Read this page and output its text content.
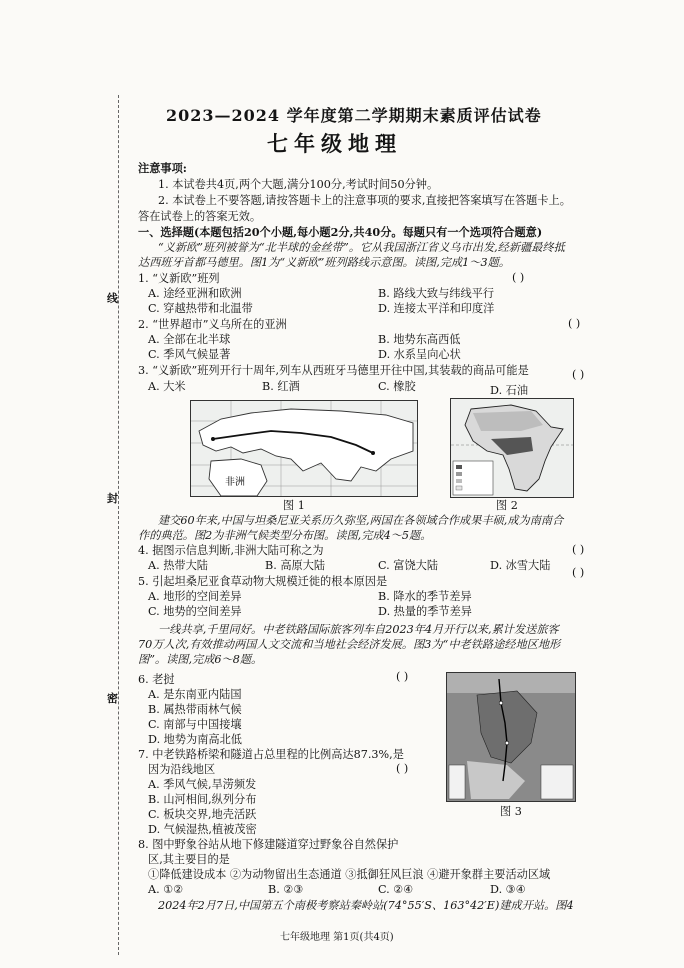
线
封
密
2023—2024 学年度第二学期期末素质评估试卷
七年级地理
注意事项:
1. 本试卷共4页,两个大题,满分100分,考试时间50分钟。
2. 本试卷上不要答题,请按答题卡上的注意事项的要求,直接把答案填写在答题卡上。
答在试卷上的答案无效。
一、选择题(本题包括20个小题,每小题2分,共40分。每题只有一个选项符合题意)
“义新欧”班列被誉为“北半球的金丝带”。它从我国浙江省义乌市出发,经新疆最终抵
达西班牙首都马德里。图1为“义新欧”班列路线示意图。读图,完成1～3题。
1. “义新欧”班列	( )
A. 途经亚洲和欧洲	B. 路线大致与纬线平行
C. 穿越热带和北温带	D. 连接太平洋和印度洋
2. “世界超市”义乌所在的亚洲	( )
A. 全部在北半球	B. 地势东高西低
C. 季风气候显著	D. 水系呈向心状
3. “义新欧”班列开行十周年,列车从西班牙马德里开往中国,其装载的商品可能是	( )
A. 大米	B. 红酒	C. 橡胶	D. 石油
非洲
图 1	图 2
建交60年来,中国与坦桑尼亚关系历久弥坚,两国在各领域合作成果丰硕,成为南南合
作的典范。图2为非洲气候类型分布图。读图,完成4～5题。
4. 据图示信息判断,非洲大陆可称之为	( )
A. 热带大陆	B. 高原大陆	C. 富饶大陆	D. 冰雪大陆
5. 引起坦桑尼亚食草动物大规模迁徙的根本原因是
( )
A. 地形的空间差异	B. 降水的季节差异
C. 地势的空间差异	D. 热量的季节差异
一线共享,千里同好。中老铁路国际旅客列车自2023年4月开行以来,累计发送旅客
70万人次,有效推动两国人文交流和当地社会经济发展。图3为“中老铁路途经地区地形
图”。读图,完成6～8题。
6. 老挝	( )
A. 是东南亚内陆国
B. 属热带雨林气候
C. 南部与中国接壤
D. 地势为南高北低
7. 中老铁路桥梁和隧道占总里程的比例高达87.3%,是
因为沿线地区	( )
A. 季风气候,旱涝频发
B. 山河相间,纵列分布
C. 板块交界,地壳活跃
D. 气候湿热,植被茂密
图 3
8. 图中野象谷站从地下修建隧道穿过野象谷自然保护
区,其主要目的是
①降低建设成本 ②为动物留出生态通道 ③抵御狂风巨浪 ④避开象群主要活动区域
A. ①②	B. ②③	C. ②④	D. ③④
2024年2月7日,中国第五个南极考察站秦岭站(74°55′S、163°42′E)建成开站。图4
七年级地理 第1页(共4页)
